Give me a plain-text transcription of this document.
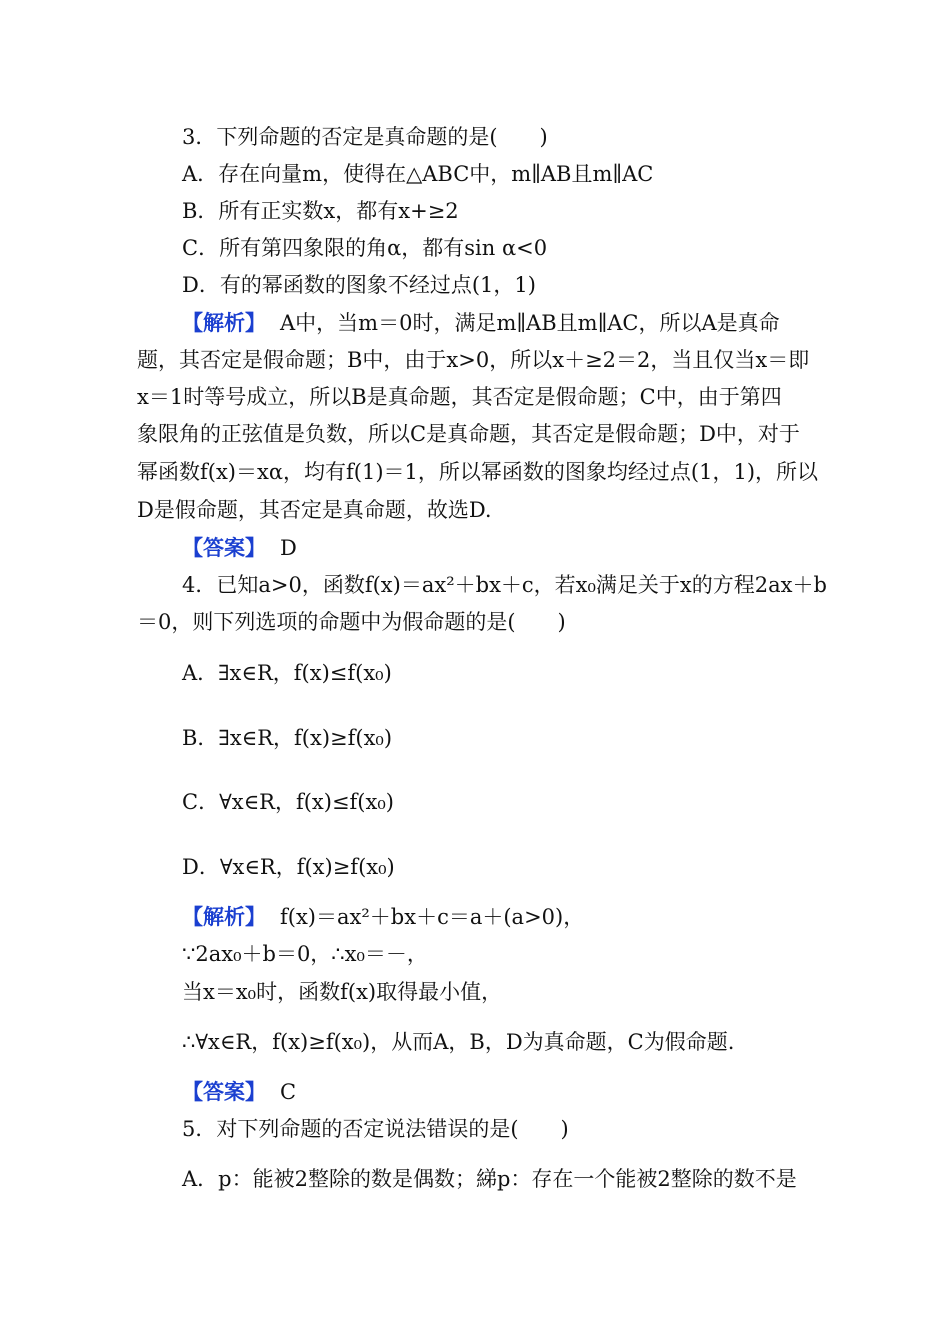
3．下列命题的否定是真命题的是(　　)
A．存在向量m，使得在△ABC中，m∥AB且m∥AC
B．所有正实数x，都有x+≥2
C．所有第四象限的角α，都有sin α<0
D．有的幂函数的图象不经过点(1，1)
【解析】 A中，当m＝0时，满足m∥AB且m∥AC，所以A是真命
题，其否定是假命题；B中，由于x>0，所以x＋≥2＝2，当且仅当x＝即
x＝1时等号成立，所以B是真命题，其否定是假命题；C中，由于第四
象限角的正弦值是负数，所以C是真命题，其否定是假命题；D中，对于
幂函数f(x)＝xα，均有f(1)＝1，所以幂函数的图象均经过点(1，1)，所以
D是假命题，其否定是真命题，故选D.
【答案】 D
4．已知a>0，函数f(x)＝ax²＋bx＋c，若x₀满足关于x的方程2ax＋b
＝0，则下列选项的命题中为假命题的是(　　)
A．∃x∈R，f(x)≤f(x₀)
B．∃x∈R，f(x)≥f(x₀)
C．∀x∈R，f(x)≤f(x₀)
D．∀x∈R，f(x)≥f(x₀)
【解析】 f(x)＝ax²＋bx＋c＝a＋(a>0)，
∵2ax₀＋b＝0，∴x₀＝－，
当x＝x₀时，函数f(x)取得最小值，
∴∀x∈R，f(x)≥f(x₀)，从而A，B，D为真命题，C为假命题.
【答案】 C
5．对下列命题的否定说法错误的是(　　)
A．p：能被2整除的数是偶数；綈p：存在一个能被2整除的数不是
